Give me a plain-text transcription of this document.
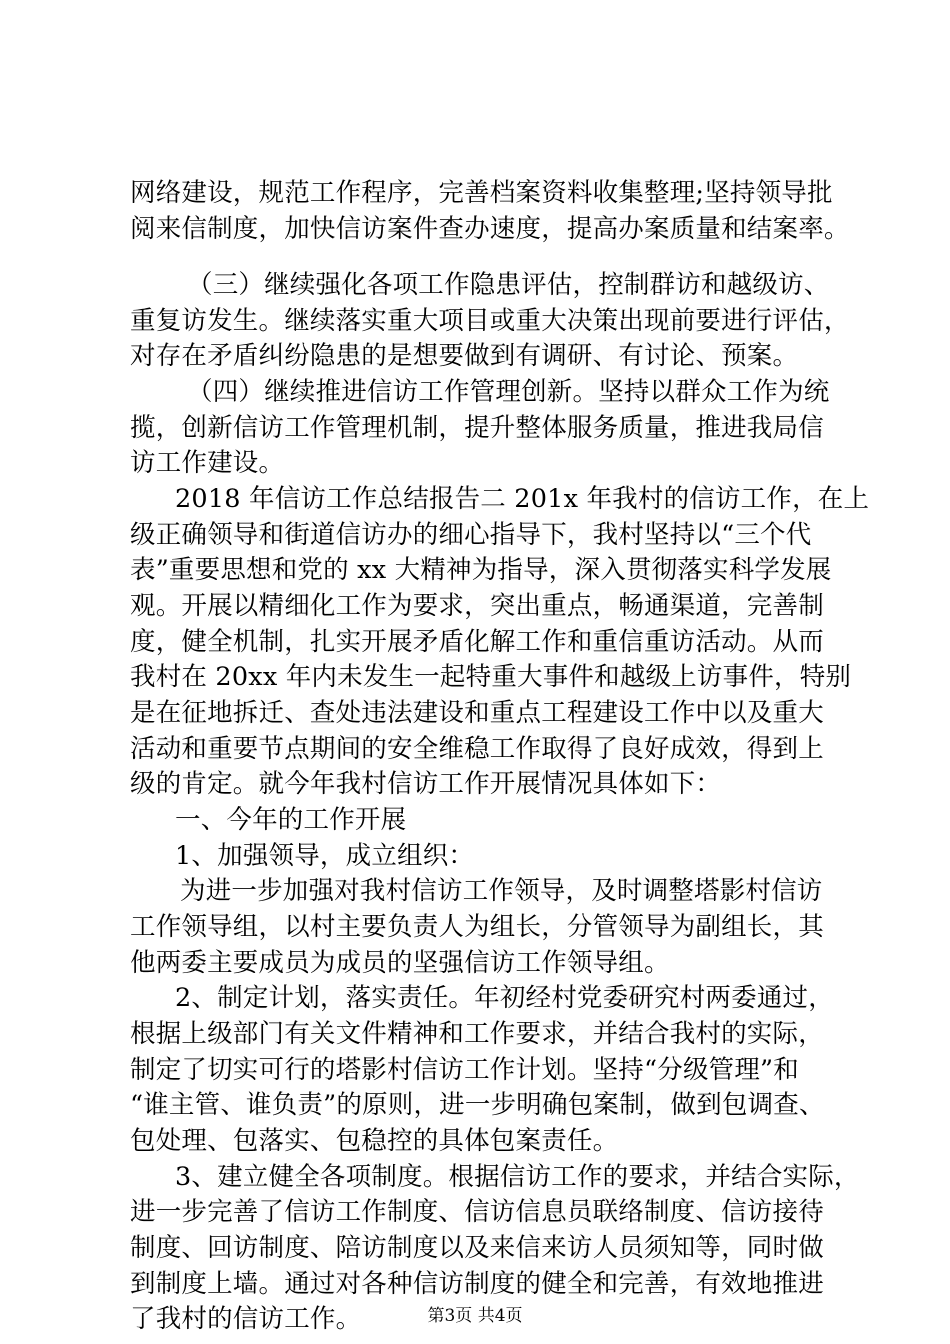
网络建设，规范工作程序，完善档案资料收集整理;坚持领导批
阅来信制度，加快信访案件查办速度，提高办案质量和结案率。
（三）继续强化各项工作隐患评估，控制群访和越级访、
重复访发生。继续落实重大项目或重大决策出现前要进行评估，
对存在矛盾纠纷隐患的是想要做到有调研、有讨论、预案。
（四）继续推进信访工作管理创新。坚持以群众工作为统
揽，创新信访工作管理机制，提升整体服务质量，推进我局信
访工作建设。
2018 年信访工作总结报告二 201x 年我村的信访工作，在上
级正确领导和街道信访办的细心指导下，我村坚持以“三个代
表”重要思想和党的 xx 大精神为指导，深入贯彻落实科学发展
观。开展以精细化工作为要求，突出重点，畅通渠道，完善制
度，健全机制，扎实开展矛盾化解工作和重信重访活动。从而
我村在 20xx 年内未发生一起特重大事件和越级上访事件，特别
是在征地拆迁、查处违法建设和重点工程建设工作中以及重大
活动和重要节点期间的安全维稳工作取得了良好成效，得到上
级的肯定。就今年我村信访工作开展情况具体如下：
一、今年的工作开展
1、加强领导，成立组织：
为进一步加强对我村信访工作领导，及时调整塔影村信访
工作领导组，以村主要负责人为组长，分管领导为副组长，其
他两委主要成员为成员的坚强信访工作领导组。
2、制定计划，落实责任。年初经村党委研究村两委通过，
根据上级部门有关文件精神和工作要求，并结合我村的实际，
制定了切实可行的塔影村信访工作计划。坚持“分级管理”和
“谁主管、谁负责”的原则，进一步明确包案制，做到包调查、
包处理、包落实、包稳控的具体包案责任。
3、建立健全各项制度。根据信访工作的要求，并结合实际，
进一步完善了信访工作制度、信访信息员联络制度、信访接待
制度、回访制度、陪访制度以及来信来访人员须知等，同时做
到制度上墙。通过对各种信访制度的健全和完善，有效地推进
了我村的信访工作。	第3页 共4页
